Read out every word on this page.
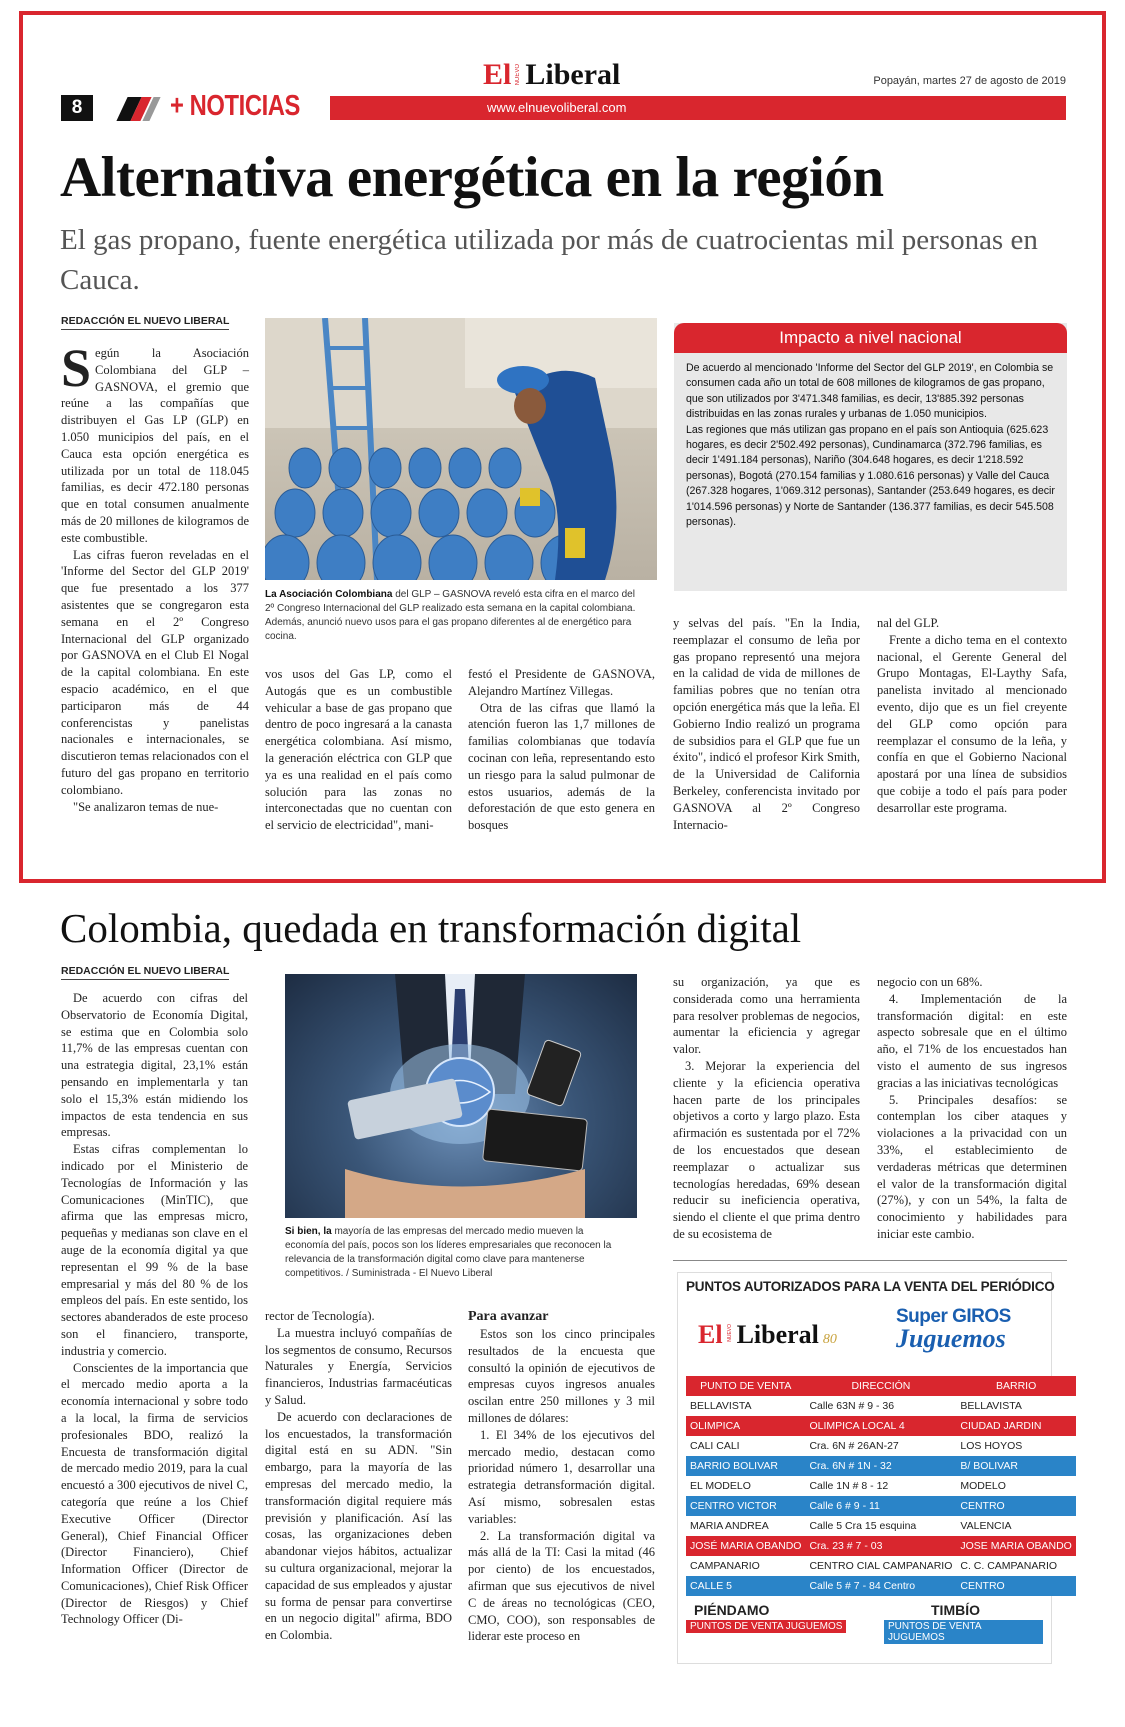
8	+ NOTICIAS	www.elnuevoliberal.com
El NUEVO Liberal	Popayán, martes 27 de agosto de 2019
Alternativa energética en la región
El gas propano, fuente energética utilizada por más de cuatrocientas mil personas en Cauca.
REDACCIÓN EL NUEVO LIBERAL

Según la Asociación Colombiana del GLP – GASNOVA, el gremio que reúne a las compañías que distribuyen el Gas LP (GLP) en 1.050 municipios del país, en el Cauca esta opción energética es utilizada por un total de 118.045 familias, es decir 472.180 personas que en total consumen anualmente más de 20 millones de kilogramos de este combustible.

Las cifras fueron reveladas en el 'Informe del Sector del GLP 2019' que fue presentado a los 377 asistentes que se congregaron esta semana en el 2º Congreso Internacional del GLP organizado por GASNOVA en el Club El Nogal de la capital colombiana. En este espacio académico, en el que participaron más de 44 conferencistas y panelistas nacionales e internacionales, se discutieron temas relacionados con el futuro del gas propano en territorio colombiano.

"Se analizaron temas de nue-

La Asociación Colombiana del GLP – GASNOVA reveló esta cifra en el marco del 2º Congreso Internacional del GLP realizado esta semana en la capital colombiana. Además, anunció nuevo usos para el gas propano diferentes al de energético para cocina.

vos usos del Gas LP, como el Autogás que es un combustible vehicular a base de gas propano que dentro de poco ingresará a la canasta energética colombiana. Así mismo, la generación eléctrica con GLP que ya es una realidad en el país como solución para las zonas no interconectadas que no cuentan con el servicio de electricidad", mani-

festó el Presidente de GASNOVA, Alejandro Martínez Villegas.

Otra de las cifras que llamó la atención fueron las 1,7 millones de familias colombianas que todavía cocinan con leña, representando esto un riesgo para la salud pulmonar de estos usuarios, además de la deforestación de que esto genera en bosques

Impacto a nivel nacional

De acuerdo al mencionado 'Informe del Sector del GLP 2019', en Colombia se consumen cada año un total de 608 millones de kilogramos de gas propano, que son utilizados por 3'471.348 familias, es decir, 13'885.392 personas distribuidas en las zonas rurales y urbanas de 1.050 municipios.

Las regiones que más utilizan gas propano en el país son Antioquia (625.623 hogares, es decir 2'502.492 personas), Cundinamarca (372.796 familias, es decir 1'491.184 personas), Nariño (304.648 hogares, es decir 1'218.592 personas), Bogotá (270.154 familias y 1.080.616 personas) y Valle del Cauca (267.328 hogares, 1'069.312 personas), Santander (253.649 hogares, es decir 1'014.596 personas) y Norte de Santander (136.377 familias, es decir 545.508 personas).

y selvas del país. "En la India, reemplazar el consumo de leña por gas propano representó una mejora en la calidad de vida de millones de familias pobres que no tenían otra opción energética más que la leña. El Gobierno Indio realizó un programa de subsidios para el GLP que fue un éxito", indicó el profesor Kirk Smith, de la Universidad de California Berkeley, conferencista invitado por GASNOVA al 2º Congreso Internacio-

nal del GLP.

Frente a dicho tema en el contexto nacional, el Gerente General del Grupo Montagas, El-Laythy Safa, panelista invitado al mencionado evento, dijo que es un fiel creyente del GLP como opción para reemplazar el consumo de la leña, y confía en que el Gobierno Nacional apostará por una línea de subsidios que cobije a todo el país para poder desarrollar este programa.

Colombia, quedada en transformación digital
REDACCIÓN EL NUEVO LIBERAL

De acuerdo con cifras del Observatorio de Economía Digital, se estima que en Colombia solo 11,7% de las empresas cuentan con una estrategia digital, 23,1% están pensando en implementarla y tan solo el 15,3% están midiendo los impactos de esta tendencia en sus empresas.

Estas cifras complementan lo indicado por el Ministerio de Tecnologías de Información y las Comunicaciones (MinTIC), que afirma que las empresas micro, pequeñas y medianas son clave en el auge de la economía digital ya que representan el 99 % de la base empresarial y más del 80 % de los empleos del país. En este sentido, los sectores abanderados de este proceso son el financiero, transporte, industria y comercio.

Conscientes de la importancia que el mercado medio aporta a la economía internacional y sobre todo a la local, la firma de servicios profesionales BDO, realizó la Encuesta de transformación digital de mercado medio 2019, para la cual encuestó a 300 ejecutivos de nivel C, categoría que reúne a los Chief Executive Officer (Director General), Chief Financial Officer (Director Financiero), Chief Information Officer (Director de Comunicaciones), Chief Risk Officer (Director de Riesgos) y Chief Technology Officer (Di-

Si bien, la mayoría de las empresas del mercado medio mueven la economía del país, pocos son los líderes empresariales que reconocen la relevancia de la transformación digital como clave para mantenerse competitivos. / Suministrada - El Nuevo Liberal

rector de Tecnología).

La muestra incluyó compañías de los segmentos de consumo, Recursos Naturales y Energía, Servicios financieros, Industrias farmacéuticas y Salud.

De acuerdo con declaraciones de los encuestados, la transformación digital está en su ADN. "Sin embargo, para la mayoría de las empresas del mercado medio, la transformación digital requiere más previsión y planificación. Así las cosas, las organizaciones deben abandonar viejos hábitos, actualizar su cultura organizacional, mejorar la capacidad de sus empleados y ajustar su forma de pensar para convertirse en un negocio digital" afirma, BDO en Colombia.

Para avanzar

Estos son los cinco principales resultados de la encuesta que consultó la opinión de ejecutivos de empresas cuyos ingresos anuales oscilan entre 250 millones y 3 mil millones de dólares:

1. El 34% de los ejecutivos del mercado medio, destacan como prioridad número 1, desarrollar una estrategia detransformación digital. Así mismo, sobresalen estas variables:

2. La transformación digital va más allá de la TI: Casi la mitad (46 por ciento) de los encuestados, afirman que sus ejecutivos de nivel C de áreas no tecnológicas (CEO, CMO, COO), son responsables de liderar este proceso en

su organización, ya que es considerada como una herramienta para resolver problemas de negocios, aumentar la eficiencia y agregar valor.

3. Mejorar la experiencia del cliente y la eficiencia operativa hacen parte de los principales objetivos a corto y largo plazo. Esta afirmación es sustentada por el 72% de los encuestados que desean reemplazar o actualizar sus tecnologías heredadas, 69% desean reducir su ineficiencia operativa, siendo el cliente el que prima dentro de su ecosistema de

negocio con un 68%.

4. Implementación de la transformación digital: en este aspecto sobresale que en el último año, el 71% de los encuestados han visto el aumento de sus ingresos gracias a las iniciativas tecnológicas

5. Principales desafíos: se contemplan los ciber ataques y violaciones a la privacidad con un 33%, el establecimiento de verdaderas métricas que determinen el valor de la transformación digital (27%), y con un 54%, la falta de conocimiento y habilidades para iniciar este cambio.

PUNTOS AUTORIZADOS PARA LA VENTA DEL PERIÓDICO
El NUEVO Liberal 80
Super GIROS
Juguemos
PUNTO DE VENTA	DIRECCIÓN	BARRIO
BELLAVISTA	Calle 63N # 9 - 36	BELLAVISTA
OLIMPICA	OLIMPICA LOCAL 4	CIUDAD JARDIN
CALI CALI	Cra. 6N # 26AN-27	LOS HOYOS
BARRIO BOLIVAR	Cra. 6N # 1N - 32	B/ BOLIVAR
EL MODELO	Calle 1N # 8 - 12	MODELO
CENTRO VICTOR	Calle 6 # 9 - 11	CENTRO
MARIA ANDREA	Calle 5 Cra 15 esquina	VALENCIA
JOSÉ MARIA OBANDO	Cra. 23 # 7 - 03	JOSE MARIA OBANDO
CAMPANARIO	CENTRO CIAL CAMPANARIO	C. C. CAMPANARIO
CALLE 5	Calle 5 # 7 - 84 Centro	CENTRO
PIÉNDAMO
PUNTOS DE VENTA JUGUEMOS
TIMBÍO
PUNTOS DE VENTA JUGUEMOS
